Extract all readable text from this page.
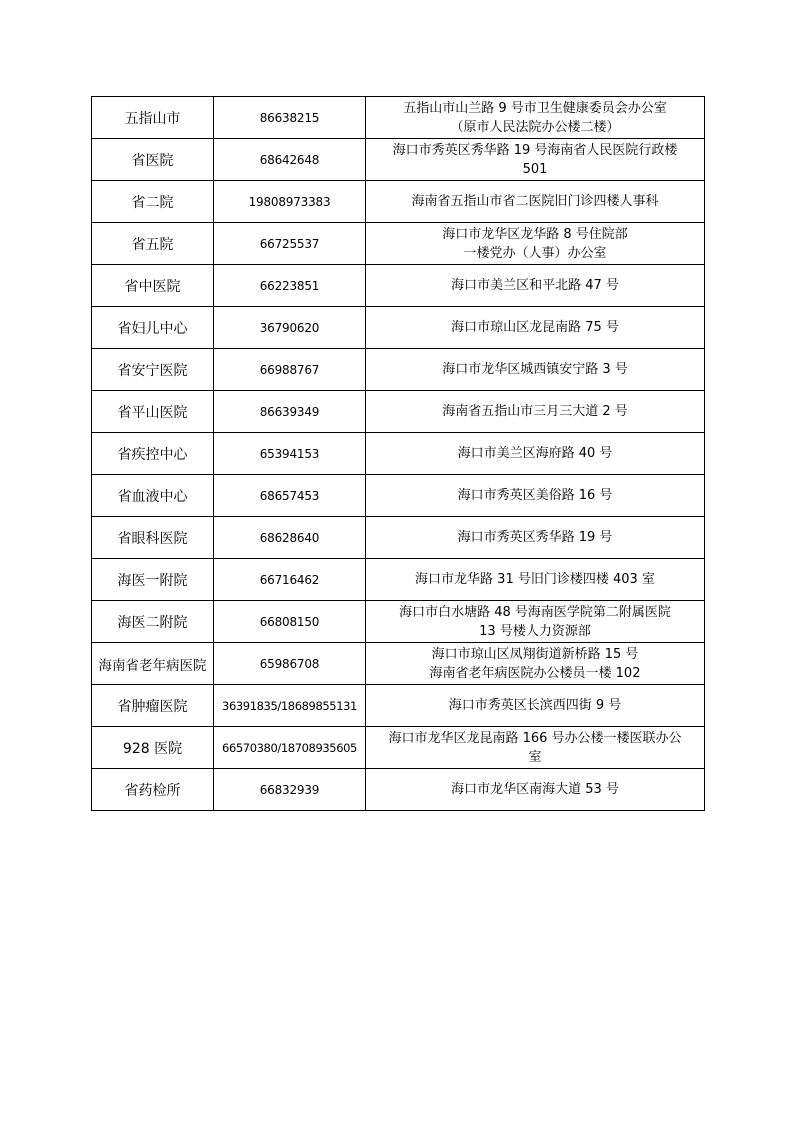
五指山市	86638215	五指山市山兰路 9 号市卫生健康委员会办公室
（原市人民法院办公楼二楼）

省医院	68642648	海口市秀英区秀华路 19 号海南省人民医院行政楼
501

省二院	19808973383	海南省五指山市省二医院旧门诊四楼人事科

省五院	66725537	海口市龙华区龙华路 8 号住院部
一楼党办（人事）办公室

省中医院	66223851	海口市美兰区和平北路 47 号

省妇儿中心	36790620	海口市琼山区龙昆南路 75 号

省安宁医院	66988767	海口市龙华区城西镇安宁路 3 号

省平山医院	86639349	海南省五指山市三月三大道 2 号

省疾控中心	65394153	海口市美兰区海府路 40 号

省血液中心	68657453	海口市秀英区美俗路 16 号

省眼科医院	68628640	海口市秀英区秀华路 19 号

海医一附院	66716462	海口市龙华路 31 号旧门诊楼四楼 403 室

海医二附院	66808150	海口市白水塘路 48 号海南医学院第二附属医院
13 号楼人力资源部

海南省老年病医院	65986708	海口市琼山区凤翔街道新桥路 15 号
海南省老年病医院办公楼员一楼 102

省肿瘤医院	36391835/18689855131	海口市秀英区长滨西四街 9 号

928 医院	66570380/18708935605	海口市龙华区龙昆南路 166 号办公楼一楼医联办公
室

省药检所	66832939	海口市龙华区南海大道 53 号
